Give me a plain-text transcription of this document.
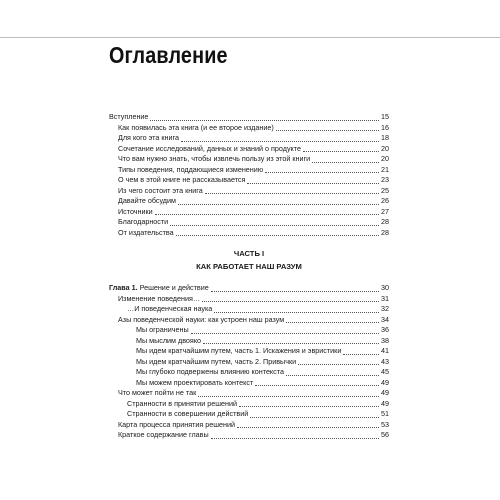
Оглавление
Вступление	15
Как появилась эта книга (и ее второе издание)	16
Для кого эта книга	18
Сочетание исследований, данных и знаний о продукте	20
Что вам нужно знать, чтобы извлечь пользу из этой книги	20
Типы поведения, поддающиеся изменению	21
О чем в этой книге не рассказывается	23
Из чего состоит эта книга	25
Давайте обсудим	26
Источники	27
Благодарности	28
От издательства	28
ЧАСТЬ I
КАК РАБОТАЕТ НАШ РАЗУМ
Глава 1. Решение и действие	30
Изменение поведения…	31
…И поведенческая наука	32
Азы поведенческой науки: как устроен наш разум	34
Мы ограничены	36
Мы мыслим двояко	38
Мы идем кратчайшим путем, часть 1. Искажения и эвристики	41
Мы идем кратчайшим путем, часть 2. Привычки	43
Мы глубоко подвержены влиянию контекста	45
Мы можем проектировать контекст	49
Что может пойти не так	49
Странности в принятии решений	49
Странности в совершении действий	51
Карта процесса принятия решений	53
Краткое содержание главы	56
